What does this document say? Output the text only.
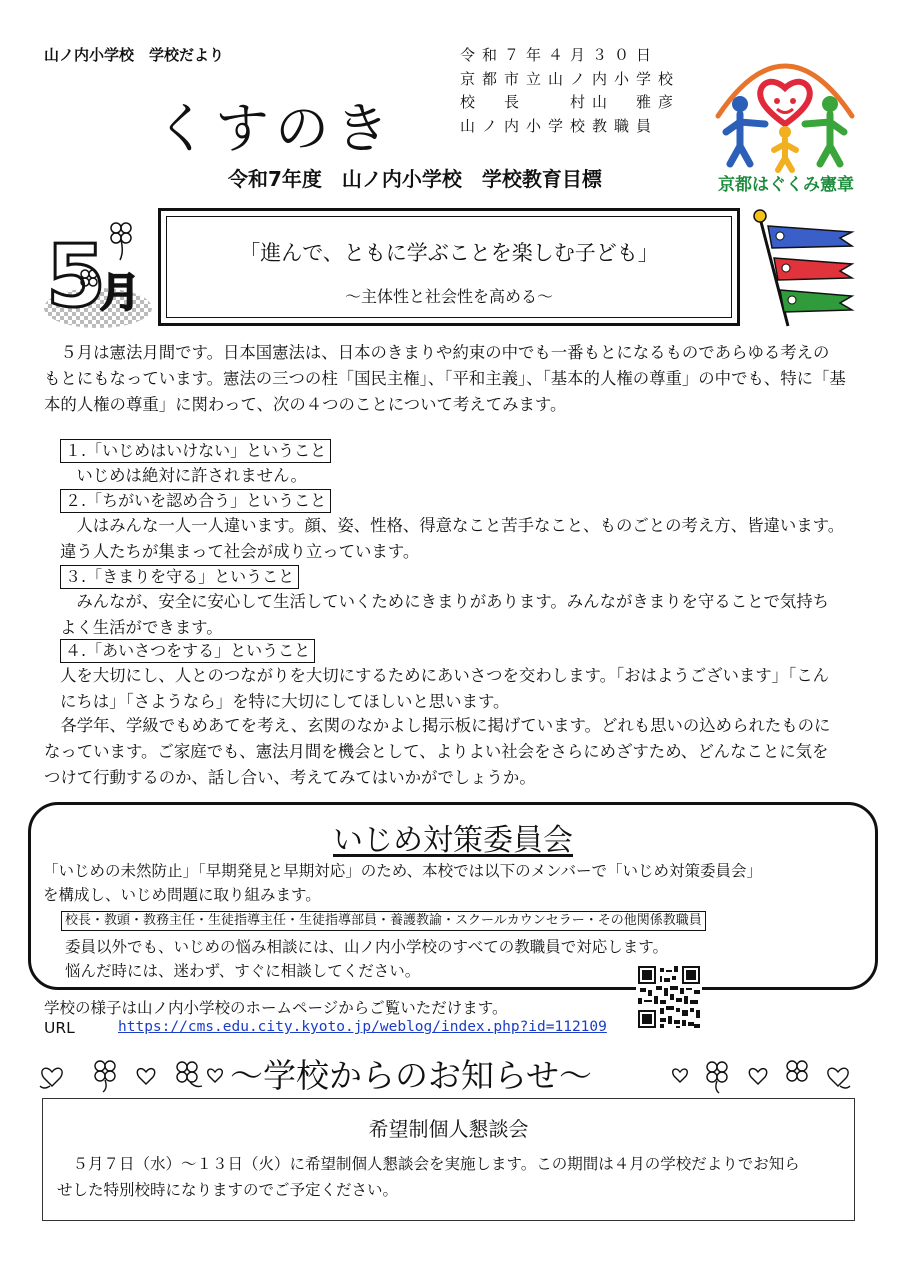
山ノ内小学校　学校だより
くすのき
令和７年４月３０日
京都市立山ノ内小学校
校　長　　村山　雅彦
山ノ内小学校教職員
京都はぐくみ憲章
令和7年度　山ノ内小学校　学校教育目標
5
月
「進んで、ともに学ぶことを楽しむ子ども」
～主体性と社会性を高める～
　５月は憲法月間です。日本国憲法は、日本のきまりや約束の中でも一番もとになるものであらゆる考えの
もとにもなっています。憲法の三つの柱「国民主権」、「平和主義」、「基本的人権の尊重」の中でも、特に「基
本的人権の尊重」に関わって、次の４つのことについて考えてみます。
１.「いじめはいけない」ということ
　いじめは絶対に許されません。
２.「ちがいを認め合う」ということ
　人はみんな一人一人違います。顔、姿、性格、得意なこと苦手なこと、ものごとの考え方、皆違います。
違う人たちが集まって社会が成り立っています。
３.「きまりを守る」ということ
　みんなが、安全に安心して生活していくためにきまりがあります。みんながきまりを守ることで気持ち
よく生活ができます。
４.「あいさつをする」ということ
人を大切にし、人とのつながりを大切にするためにあいさつを交わします。「おはようございます」「こん
にちは」「さようなら」を特に大切にしてほしいと思います。
　各学年、学級でもめあてを考え、玄関のなかよし掲示板に掲げています。どれも思いの込められたものに
なっています。ご家庭でも、憲法月間を機会として、よりよい社会をさらにめざすため、どんなことに気を
つけて行動するのか、話し合い、考えてみてはいかがでしょうか。
いじめ対策委員会
「いじめの未然防止」「早期発見と早期対応」のため、本校では以下のメンバーで「いじめ対策委員会」
を構成し、いじめ問題に取り組みます。
校長・教頭・教務主任・生徒指導主任・生徒指導部員・養護教諭・スクールカウンセラー・その他関係教職員
委員以外でも、いじめの悩み相談には、山ノ内小学校のすべての教職員で対応します。
悩んだ時には、迷わず、すぐに相談してください。
学校の様子は山ノ内小学校のホームページからご覧いただけます。
URL	https://cms.edu.city.kyoto.jp/weblog/index.php?id=112109
～学校からのお知らせ～
希望制個人懇談会
　５月７日（水）～１３日（火）に希望制個人懇談会を実施します。この期間は４月の学校だよりでお知ら
せした特別校時になりますのでご予定ください。
